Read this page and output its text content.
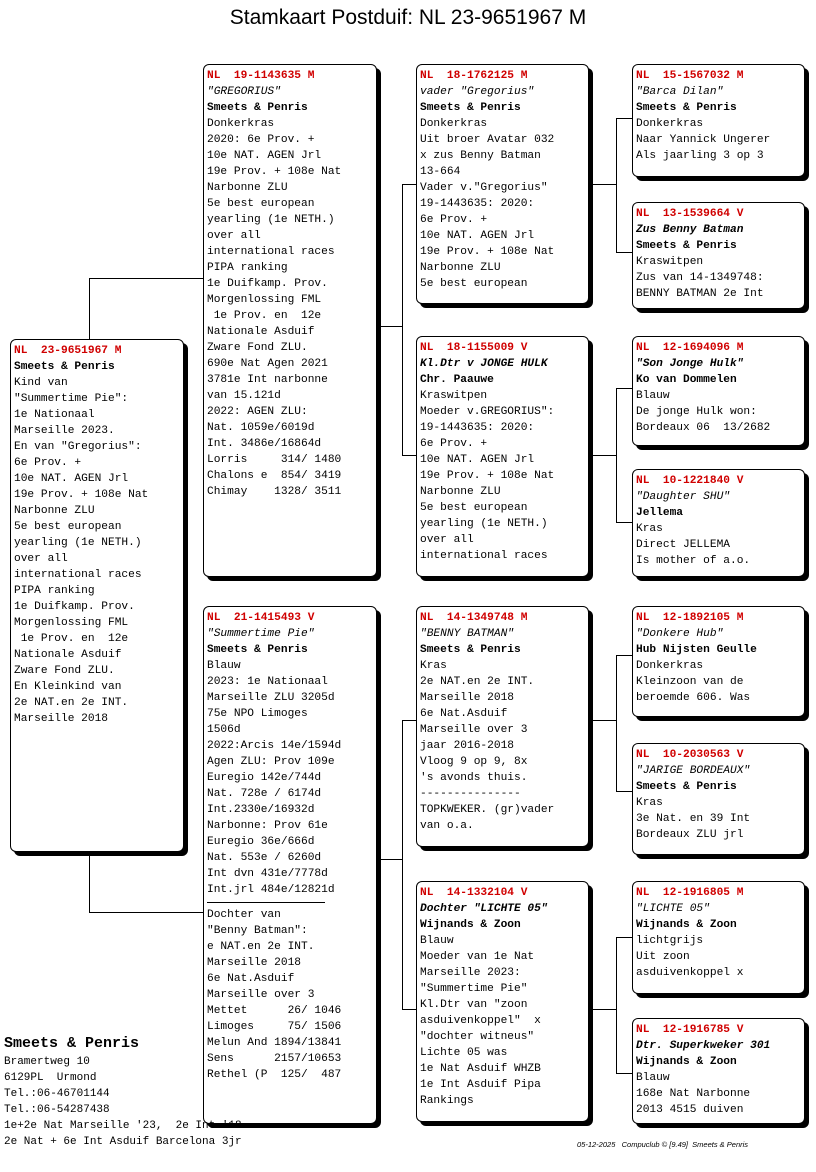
Stamkaart Postduif: NL 23-9651967 M
NL  23-9651967 M
Smeets & Penris
Kind van
"Summertime Pie":
1e Nationaal
Marseille 2023.
En van "Gregorius":
6e Prov. +
10e NAT. AGEN Jrl
19e Prov. + 108e Nat
Narbonne ZLU
5e best european
yearling (1e NETH.)
over all
international races
PIPA ranking
1e Duifkamp. Prov.
Morgenlossing FML
1e Prov. en  12e
Nationale Asduif
Zware Fond ZLU.
En Kleinkind van
2e NAT.en 2e INT.
Marseille 2018
NL  19-1143635 M
"GREGORIUS"
Smeets & Penris
Donkerkras
2020: 6e Prov. +
10e NAT. AGEN Jrl
19e Prov. + 108e Nat
Narbonne ZLU
5e best european
yearling (1e NETH.)
over all
international races
PIPA ranking
1e Duifkamp. Prov.
Morgenlossing FML
1e Prov. en  12e
Nationale Asduif
Zware Fond ZLU.
690e Nat Agen 2021
3781e Int narbonne
van 15.121d
2022: AGEN ZLU:
Nat. 1059e/6019d
Int. 3486e/16864d
Lorris     314/ 1480
Chalons e  854/ 3419
Chimay    1328/ 3511
NL  21-1415493 V
"Summertime Pie"
Smeets & Penris
Blauw
2023: 1e Nationaal
Marseille ZLU 3205d
75e NPO Limoges
1506d
2022:Arcis 14e/1594d
Agen ZLU: Prov 109e
Euregio 142e/744d
Nat. 728e / 6174d
Int.2330e/16932d
Narbonne: Prov 61e
Euregio 36e/666d
Nat. 553e / 6260d
Int dvn 431e/7778d
Int.jrl 484e/12821d
Dochter van
"Benny Batman":
e NAT.en 2e INT.
Marseille 2018
6e Nat.Asduif
Marseille over 3
Mettet      26/ 1046
Limoges     75/ 1506
Melun And 1894/13841
Sens      2157/10653
Rethel (P  125/  487
NL  18-1762125 M
vader "Gregorius"
Smeets & Penris
Donkerkras
Uit broer Avatar 032
x zus Benny Batman
13-664
Vader v."Gregorius"
19-1443635: 2020:
6e Prov. +
10e NAT. AGEN Jrl
19e Prov. + 108e Nat
Narbonne ZLU
5e best european
NL  18-1155009 V
Kl.Dtr v JONGE HULK
Chr. Paauwe
Kraswitpen
Moeder v.GREGORIUS":
19-1443635: 2020:
6e Prov. +
10e NAT. AGEN Jrl
19e Prov. + 108e Nat
Narbonne ZLU
5e best european
yearling (1e NETH.)
over all
international races
NL  14-1349748 M
"BENNY BATMAN"
Smeets & Penris
Kras
2e NAT.en 2e INT.
Marseille 2018
6e Nat.Asduif
Marseille over 3
jaar 2016-2018
Vloog 9 op 9, 8x
's avonds thuis.
---------------
TOPKWEKER. (gr)vader
van o.a.
NL  14-1332104 V
Dochter "LICHTE 05"
Wijnands & Zoon
Blauw
Moeder van 1e Nat
Marseille 2023:
"Summertime Pie"
Kl.Dtr van "zoon
asduivenkoppel"  x
"dochter witneus"
Lichte 05 was
1e Nat Asduif WHZB
1e Int Asduif Pipa
Rankings
NL  15-1567032 M
"Barca Dilan"
Smeets & Penris
Donkerkras
Naar Yannick Ungerer
Als jaarling 3 op 3
NL  13-1539664 V
Zus Benny Batman
Smeets & Penris
Kraswitpen
Zus van 14-1349748:
BENNY BATMAN 2e Int
NL  12-1694096 M
"Son Jonge Hulk"
Ko van Dommelen
Blauw
De jonge Hulk won:
Bordeaux 06  13/2682
NL  10-1221840 V
"Daughter SHU"
Jellema
Kras
Direct JELLEMA
Is mother of a.o.
NL  12-1892105 M
"Donkere Hub"
Hub Nijsten Geulle
Donkerkras
Kleinzoon van de
beroemde 606. Was
NL  10-2030563 V
"JARIGE BORDEAUX"
Smeets & Penris
Kras
3e Nat. en 39 Int
Bordeaux ZLU jrl
NL  12-1916805 M
"LICHTE 05"
Wijnands & Zoon
lichtgrijs
Uit zoon
asduivenkoppel x
NL  12-1916785 V
Dtr. Superkweker 301
Wijnands & Zoon
Blauw
168e Nat Narbonne
2013 4515 duiven
Smeets & Penris
Bramertweg 10
6129PL  Urmond
Tel.:06-46701144
Tel.:06-54287438
1e+2e Nat Marseille '23,  2e Int.'18
2e Nat + 6e Int Asduif Barcelona 3jr	05-12-2025   Compuclub © [9.49]  Smeets & Penris
